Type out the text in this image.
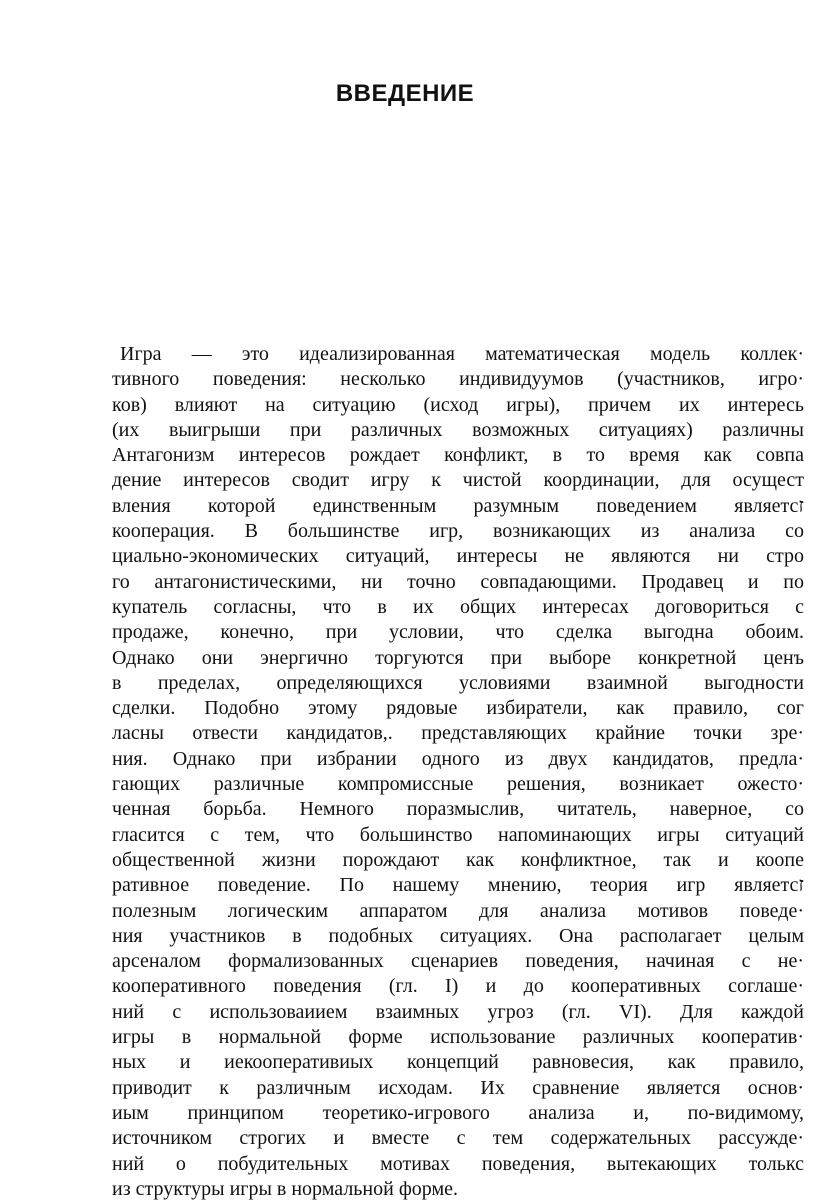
ВВЕДЕНИЕ
Игра — это идеализированная математическая модель коллек·
тивного поведения: несколько индивидуумов (участников, игро·
ков) влияют на ситуацию (исход игры), причем их интересь
(их выигрыши при различных возможных ситуациях) различны
Антагонизм интересов рождает конфликт, в то время как совпа
дение интересов сводит игру к чистой координации, для осущест
вления которой единственным разумным поведением являетсז
кооперация. В большинстве игр, возникающих из анализа со
циально-экономических ситуаций, интересы не являются ни стро
го антагонистическими, ни точно совпадающими. Продавец и по
купатель согласны, что в их общих интересах договориться с
продаже, конечно, при условии, что сделка выгодна обоим.
Однако они энергично торгуются при выборе конкретной ценъ
в пределах, определяющихся условиями взаимной выгодности
сделки. Подобно этому рядовые избиратели, как правило, сог
ласны отвести кандидатов,. представляющих крайние точки зре·
ния. Однако при избрании одного из двух кандидатов, предла·
гающих различные компромиссные решения, возникает ожесто·
ченная борьба. Немного поразмыслив, читатель, наверное, со
гласится с тем, что большинство напоминающих игры ситуаций
общественной жизни порождают как конфликтное, так и коопе
ративное поведение. По нашему мнению, теория игр являетсז
полезным логическим аппаратом для анализа мотивов поведе·
ния участников в подобных ситуациях. Она располагает целым
арсеналом формализованных сценариев поведения, начиная с не·
кооперативного поведения (гл. I) и до кооперативных соглаше·
ний с использоваиием взаимных угроз (гл. VI). Для каждой
игры в нормальной форме использование различных кооператив·
ных и иекооперативиых концепций равновесия, как правило,
приводит к различным исходам. Их сравнение является основ·
иым принципом теоретико-игрового анализа и, по-видимому,
источником строгих и вместе с тем содержательных рассужде·
ний о побудительных мотивах поведения, вытекающих толькс
из структуры игры в нормальной форме.
